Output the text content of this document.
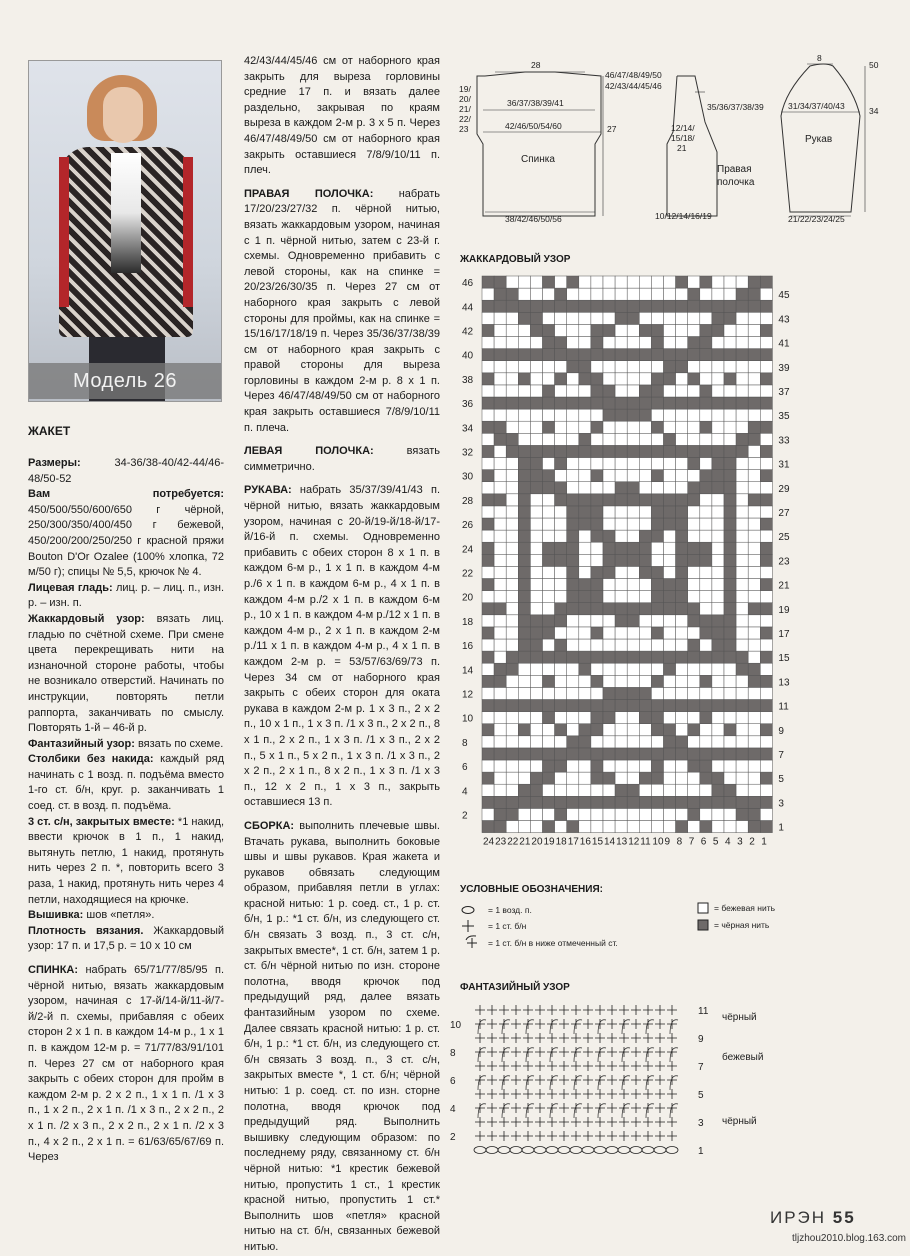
Модель 26
ЖАКЕТ

Размеры: 34-36/38-40/42-44/46-48/50-52

Вам потребуется: 450/500/550/600/650 г чёрной, 250/300/350/400/450 г бежевой, 450/200/200/250/250 г красной пряжи Bouton D'Or Ozalee (100% хлопка, 72 м/50 г); спицы № 5,5, крючок № 4.

Лицевая гладь: лиц. р. – лиц. п., изн. р. – изн. п.

Жаккардовый узор: вязать лиц. гладью по счётной схеме. При смене цвета перекрещивать нити на изнаночной стороне работы, чтобы не возникало отверстий. Начинать по инструкции, повторять петли раппорта, заканчивать по смыслу. Повторять 1-й – 46-й р.

Фантазийный узор: вязать по схеме.

Столбики без накида: каждый ряд начинать с 1 возд. п. подъёма вместо 1-го ст. б/н, круг. р. заканчивать 1 соед. ст. в возд. п. подъёма.

3 ст. с/н, закрытых вместе: *1 накид, ввести крючок в 1 п., 1 накид, вытянуть петлю, 1 накид, протянуть нить через 2 п. *, повторить всего 3 раза, 1 накид, протянуть нить через 4 петли, находящиеся на крючке.

Вышивка: шов «петля».

Плотность вязания. Жаккардовый узор: 17 п. и 17,5 р. = 10 х 10 см

СПИНКА: набрать 65/71/77/85/95 п. чёрной нитью, вязать жаккардовым узором, начиная с 17-й/14-й/11-й/7-й/2-й п. схемы, прибавляя с обеих сторон 2 х 1 п. в каждом 14-м р., 1 х 1 п. в каждом 12-м р. = 71/77/83/91/101 п. Через 27 см от наборного края закрыть с обеих сторон для пройм в каждом 2-м р. 2 х 2 п., 1 х 1 п. /1 х 3 п., 1 х 2 п., 2 х 1 п. /1 х 3 п., 2 х 2 п., 2 х 1 п. /2 х 3 п., 2 х 2 п., 2 х 1 п. /2 х 3 п., 4 х 2 п., 2 х 1 п. = 61/63/65/67/69 п. Через

42/43/44/45/46 см от наборного края закрыть для выреза горловины средние 17 п. и вязать далее раздельно, закрывая по краям выреза в каждом 2-м р. 3 х 5 п. Через 46/47/48/49/50 см от наборного края закрыть оставшиеся 7/8/9/10/11 п. плеч.

ПРАВАЯ ПОЛОЧКА: набрать 17/20/23/27/32 п. чёрной нитью, вязать жаккардовым узором, начиная с 1 п. чёрной нитью, затем с 23-й г. схемы. Одновременно прибавить с левой стороны, как на спинке = 20/23/26/30/35 п. Через 27 см от наборного края закрыть с левой стороны для проймы, как на спинке = 15/16/17/18/19 п. Через 35/36/37/38/39 см от наборного края закрыть с правой стороны для выреза горловины в каждом 2-м р. 8 х 1 п. Через 46/47/48/49/50 см от наборного края закрыть оставшиеся 7/8/9/10/11 п. плеча.

ЛЕВАЯ ПОЛОЧКА: вязать симметрично.

РУКАВА: набрать 35/37/39/41/43 п. чёрной нитью, вязать жаккардовым узором, начиная с 20-й/19-й/18-й/17-й/16-й п. схемы. Одновременно прибавить с обеих сторон 8 х 1 п. в каждом 6-м р., 1 х 1 п. в каждом 4-м р./6 х 1 п. в каждом 6-м р., 4 х 1 п. в каждом 4-м р./2 х 1 п. в каждом 6-м р., 10 х 1 п. в каждом 4-м р./12 х 1 п. в каждом 4-м р., 2 х 1 п. в каждом 2-м р./11 х 1 п. в каждом 4-м р., 4 х 1 п. в каждом 2-м р. = 53/57/63/69/73 п. Через 34 см от наборного края закрыть с обеих сторон для оката рукава в каждом 2-м р. 1 х 3 п., 2 х 2 п., 10 х 1 п., 1 х 3 п. /1 х 3 п., 2 х 2 п., 8 х 1 п., 2 х 2 п., 1 х 3 п. /1 х 3 п., 2 х 2 п., 5 х 1 п., 5 х 2 п., 1 х 3 п. /1 х 3 п., 2 х 2 п., 2 х 1 п., 8 х 2 п., 1 х 3 п. /1 х 3 п., 12 х 2 п., 1 х 3 п., закрыть оставшиеся 13 п.

СБОРКА: выполнить плечевые швы. Втачать рукава, выполнить боковые швы и швы рукавов. Края жакета и рукавов обвязать следующим образом, прибавляя петли в углах: красной нитью: 1 р. соед. ст., 1 р. ст. б/н, 1 р.: *1 ст. б/н, из следующего ст. б/н связать 3 возд. п., 3 ст. с/н, закрытых вместе*, 1 ст. б/н, затем 1 р. ст. б/н чёрной нитью по изн. стороне полотна, вводя крючок под предыдущий ряд, далее вязать фантазийным узором по схеме. Далее связать красной нитью: 1 р. ст. б/н, 1 р.: *1 ст. б/н, из следующего ст. б/н связать 3 возд. п., 3 ст. с/н, закрытых вместе *, 1 ст. б/н; чёрной нитью: 1 р. соед. ст. по изн. сторне полотна, вводя крючок под предыдущий ряд. Выполнить вышивку следующим образом: по последнему ряду, связанному ст. б/н чёрной нитью: *1 крестик бежевой нитью, пропустить 1 ст., 1 крестик красной нитью, пропустить 1 ст.* Выполнить шов «петля» красной нитью на ст. б/н, связанных бежевой нитью.

28
36/37/38/39/41
42/46/50/54/60
38/42/46/50/56
Спинка
19/
20/
21/
22/
23
46/47/48/49/50
42/43/44/45/46
27
35/36/37/38/39
12/14/
15/18/
21
Правая
полочка
10/12/14/16/19
8
31/34/37/40/43
Рукав
21/22/23/24/25
50
34
ЖАККАРДОВЫЙ УЗОР
46
44
42
40
38
36
34
32
30
28
26
24
22
20
18
16
14
12
10
8
6
4
2
45
43
41
39
37
35
33
31
29
27
25
23
21
19
17
15
13
11
9
7
5
3
1
24 23 22 21 20 19 18 17 16 15 14 13 12 11 10 9 8 7 6 5 4 3 2 1
УСЛОВНЫЕ ОБОЗНАЧЕНИЯ:
= 1 возд. п.
= 1 ст. б/н
= 1 ст. б/н в ниже отмеченный ст.
= бежевая нить
= чёрная нить
ФАНТАЗИЙНЫЙ УЗОР
11
9
7
5
3
1
10
8
6
4
2
чёрный
бежевый
чёрный
ИРЭН 55
tljzhou2010.blog.163.com
